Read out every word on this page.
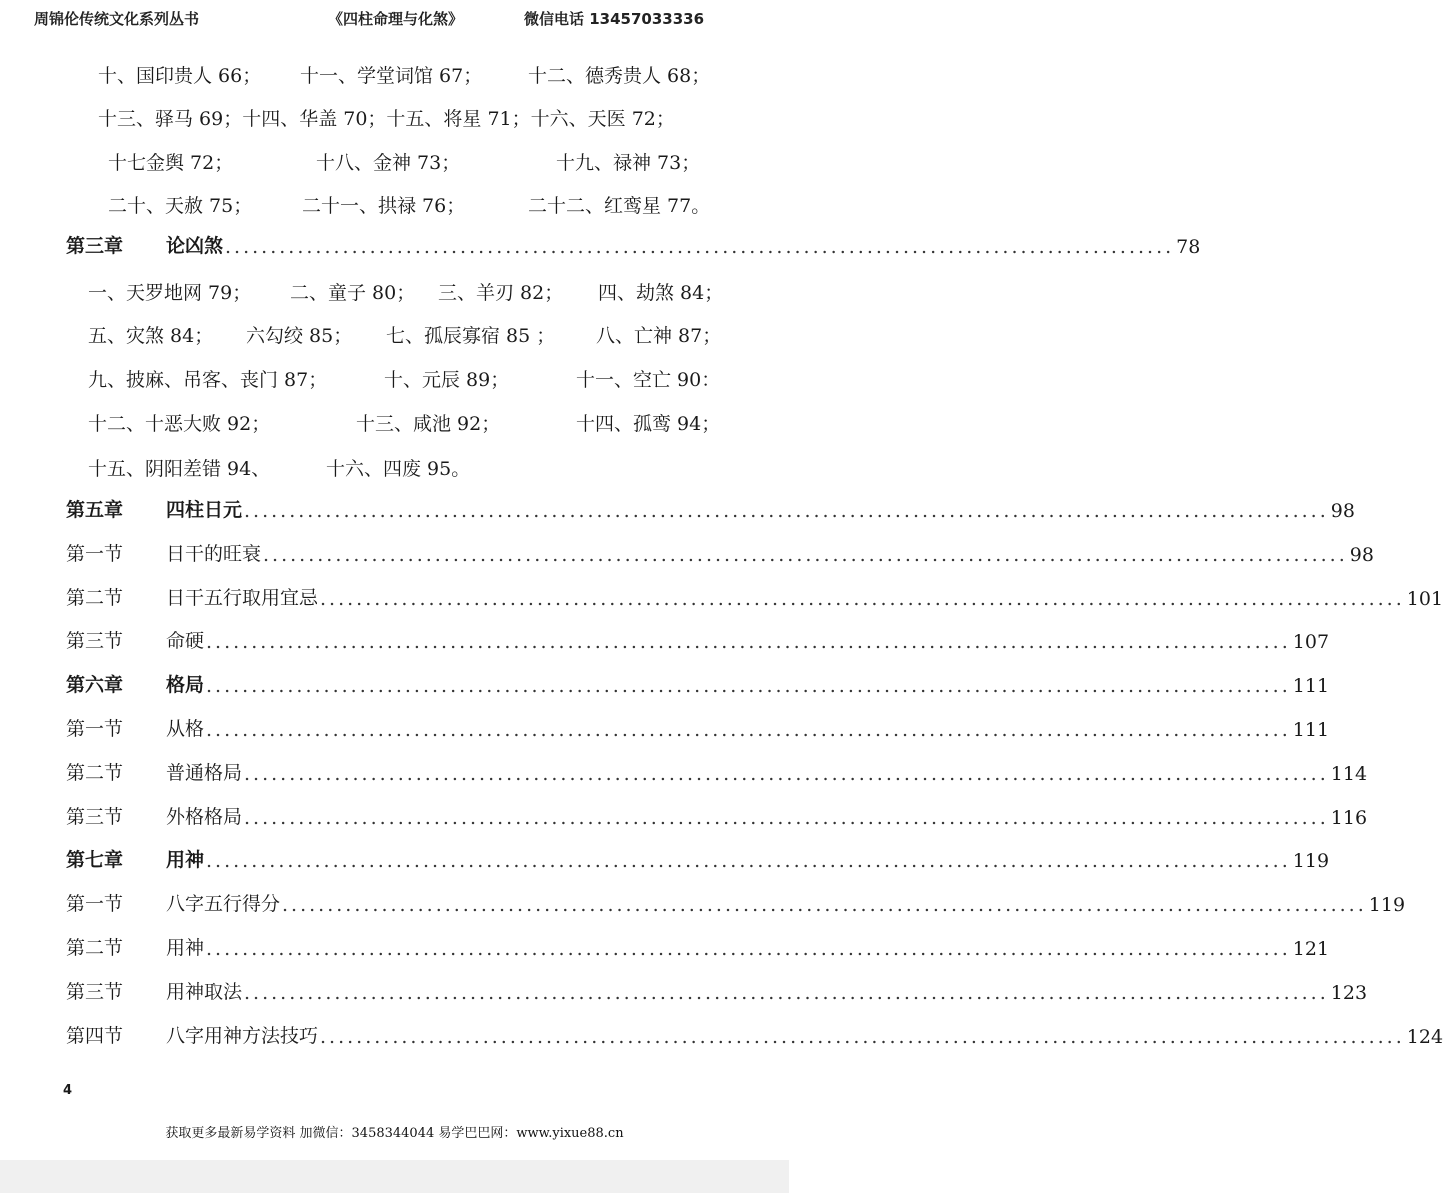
周锦伦传统文化系列丛书	《四柱命理与化煞》	微信电话 13457033336
十、国印贵人 66； 十一、学堂词馆 67； 十二、德秀贵人 68；
十三、驿马 69；十四、华盖 70；十五、将星 71；十六、天医 72；
十七金舆 72；	十八、金神 73；	十九、禄神 73；
二十、天赦 75；	二十一、拱禄 76；	二十二、红鸾星 77。
第三章	论凶煞 ......................................................................................................... 78
一、天罗地网 79； 二、童子 80； 三、羊刃 82； 四、劫煞 84；
五、灾煞 84； 六勾绞 85； 七、孤辰寡宿 85 ； 八、亡神 87；
九、披麻、吊客、丧门 87；	十、元辰 89；	十一、空亡 90：
十二、十恶大败 92；	十三、咸池 92；	十四、孤鸾 94；
十五、阴阳差错 94、	十六、四废 95。
第五章	四柱日元 ........................................................................................................................ 98
第一节	日干的旺衰 ........................................................................................................................ 98
第二节	日干五行取用宜忌 ........................................................................................................................ 101
第三节	命硬 ........................................................................................................................ 107
第六章	格局 ........................................................................................................................ 111
第一节	从格 ........................................................................................................................ 111
第二节	普通格局 ........................................................................................................................ 114
第三节	外格格局 ........................................................................................................................ 116
第七章	用神 ........................................................................................................................ 119
第一节	八字五行得分 ........................................................................................................................ 119
第二节	用神 ........................................................................................................................ 121
第三节	用神取法 ........................................................................................................................ 123
第四节	八字用神方法技巧 ........................................................................................................................ 124
4
获取更多最新易学资料 加微信：3458344044 易学巴巴网：www.yixue88.cn
